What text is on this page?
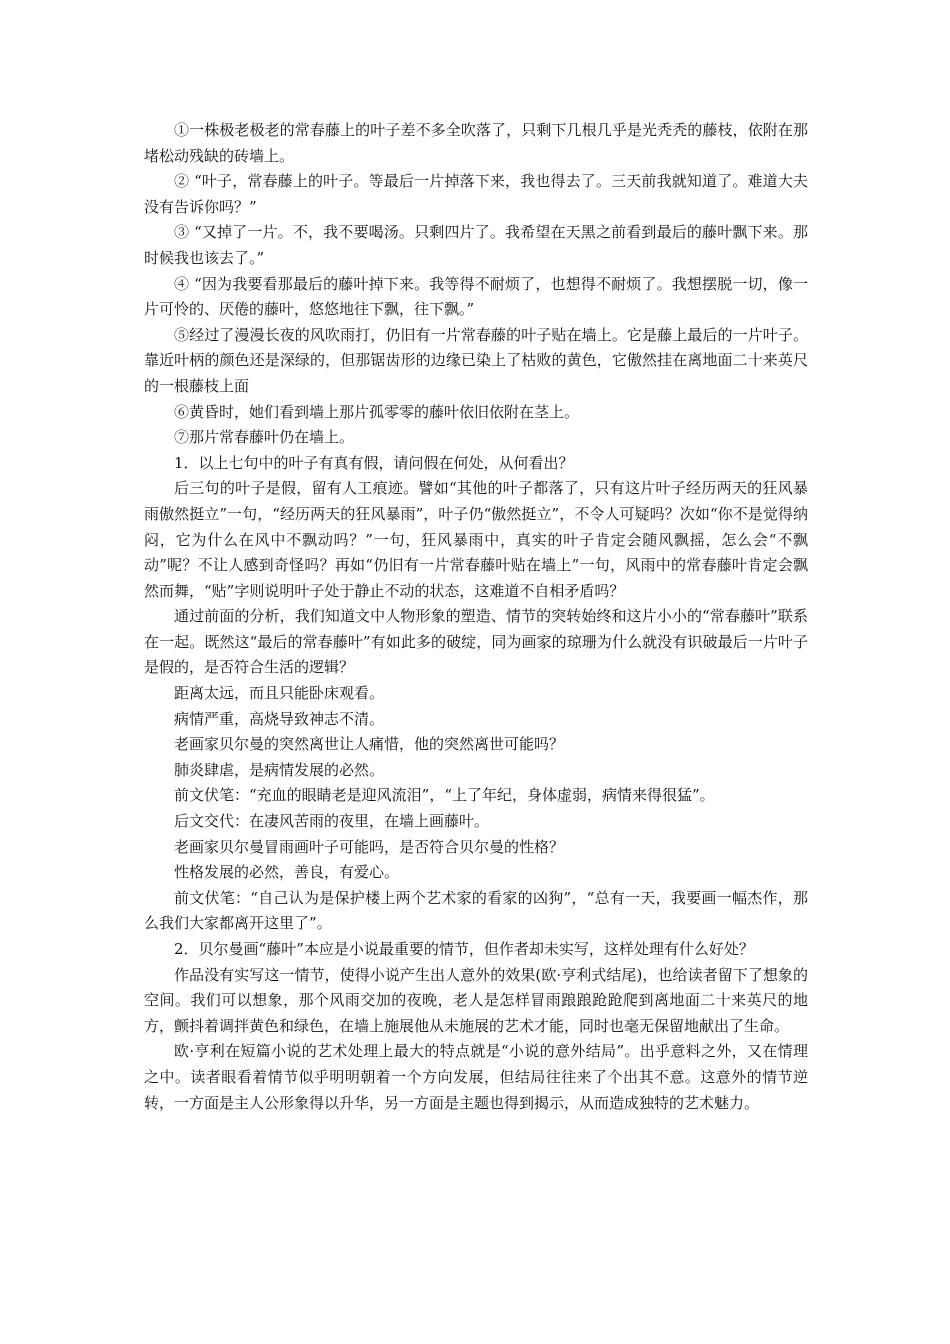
①一株极老极老的常春藤上的叶子差不多全吹落了，只剩下几根几乎是光秃秃的藤枝，依附在那堵松动残缺的砖墙上。

② “叶子，常春藤上的叶子。等最后一片掉落下来，我也得去了。三天前我就知道了。难道大夫没有告诉你吗？”

③ “又掉了一片。不，我不要喝汤。只剩四片了。我希望在天黑之前看到最后的藤叶飘下来。那时候我也该去了。”

④ “因为我要看那最后的藤叶掉下来。我等得不耐烦了，也想得不耐烦了。我想摆脱一切，像一片可怜的、厌倦的藤叶，悠悠地往下飘，往下飘。”

⑤经过了漫漫长夜的风吹雨打，仍旧有一片常春藤的叶子贴在墙上。它是藤上最后的一片叶子。靠近叶柄的颜色还是深绿的，但那锯齿形的边缘已染上了枯败的黄色，它傲然挂在离地面二十来英尺的一根藤枝上面

⑥黄昏时，她们看到墙上那片孤零零的藤叶依旧依附在茎上。

⑦那片常春藤叶仍在墙上。

1．以上七句中的叶子有真有假，请问假在何处，从何看出？

后三句的叶子是假，留有人工痕迹。譬如“其他的叶子都落了，只有这片叶子经历两天的狂风暴雨傲然挺立”一句，“经历两天的狂风暴雨”，叶子仍“傲然挺立”，不令人可疑吗？次如“你不是觉得纳闷，它为什么在风中不飘动吗？”一句，狂风暴雨中，真实的叶子肯定会随风飘摇，怎么会“不飘动”呢？不让人感到奇怪吗？再如“仍旧有一片常春藤叶贴在墙上”一句，风雨中的常春藤叶肯定会飘然而舞，“贴”字则说明叶子处于静止不动的状态，这难道不自相矛盾吗？

通过前面的分析，我们知道文中人物形象的塑造、情节的突转始终和这片小小的“常春藤叶”联系在一起。既然这“最后的常春藤叶”有如此多的破绽，同为画家的琼珊为什么就没有识破最后一片叶子是假的，是否符合生活的逻辑？

距离太远，而且只能卧床观看。

病情严重，高烧导致神志不清。

老画家贝尔曼的突然离世让人痛惜，他的突然离世可能吗？

肺炎肆虐，是病情发展的必然。

前文伏笔：“充血的眼睛老是迎风流泪”，“上了年纪，身体虚弱，病情来得很猛”。

后文交代：在凄风苦雨的夜里，在墙上画藤叶。

老画家贝尔曼冒雨画叶子可能吗，是否符合贝尔曼的性格？

性格发展的必然，善良，有爱心。

前文伏笔：“自己认为是保护楼上两个艺术家的看家的凶狗”，“总有一天，我要画一幅杰作，那么我们大家都离开这里了”。

2．贝尔曼画“藤叶”本应是小说最重要的情节，但作者却未实写，这样处理有什么好处？

作品没有实写这一情节，使得小说产生出人意外的效果(欧·亨利式结尾)，也给读者留下了想象的空间。我们可以想象，那个风雨交加的夜晚，老人是怎样冒雨踉踉跄跄爬到离地面二十来英尺的地方，颤抖着调拌黄色和绿色，在墙上施展他从未施展的艺术才能，同时也毫无保留地献出了生命。

欧·亨利在短篇小说的艺术处理上最大的特点就是“小说的意外结局”。出乎意料之外，又在情理之中。读者眼看着情节似乎明明朝着一个方向发展，但结局往往来了个出其不意。这意外的情节逆转，一方面是主人公形象得以升华，另一方面是主题也得到揭示，从而造成独特的艺术魅力。
